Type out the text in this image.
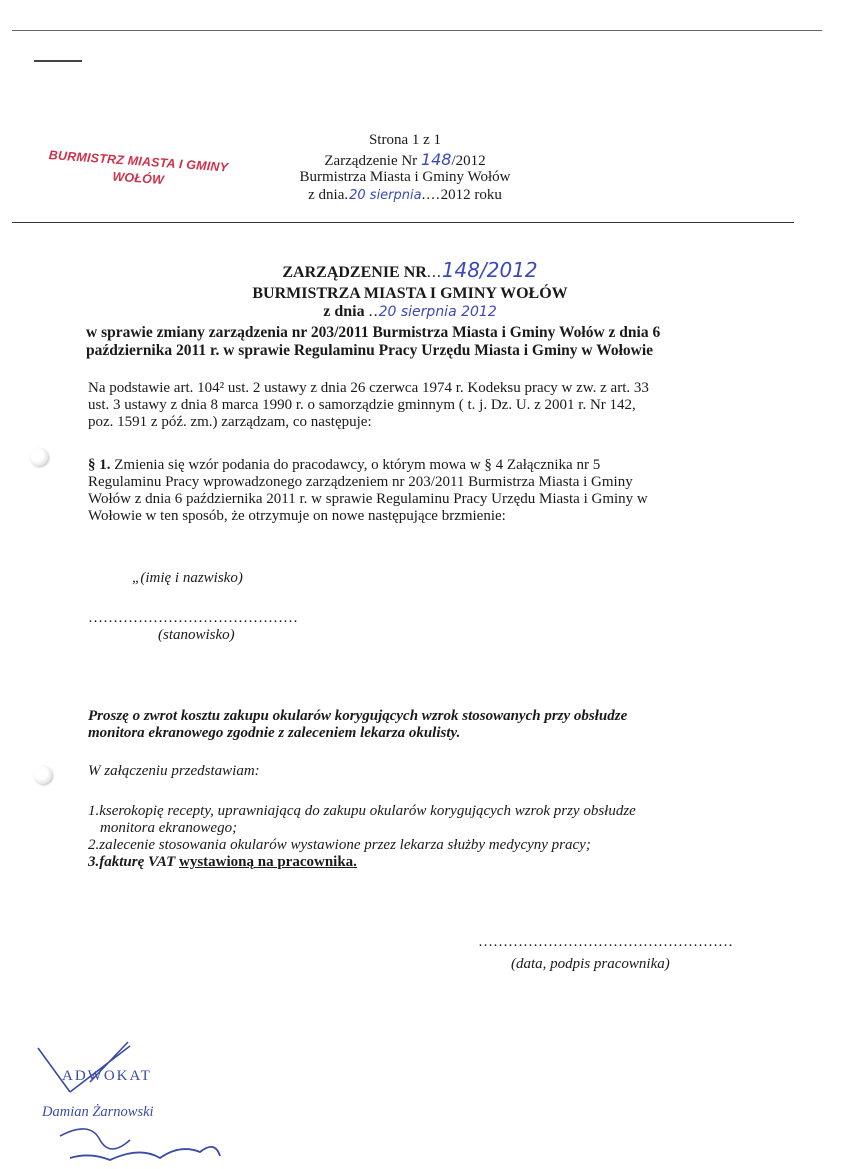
Strona 1 z 1
Zarządzenie Nr 148/2012
Burmistrza Miasta i Gminy Wołów
z dnia.20 sierpnia....2012 roku
BURMISTRZ MIASTA I GMINY
WOŁÓW
ZARZĄDZENIE NR...148/2012
BURMISTRZA MIASTA I GMINY WOŁÓW
z dnia ..20 sierpnia 2012
w sprawie zmiany zarządzenia nr 203/2011 Burmistrza Miasta i Gminy Wołów z dnia 6
października 2011 r. w sprawie Regulaminu Pracy Urzędu Miasta i Gminy w Wołowie
Na podstawie art. 104² ust. 2 ustawy z dnia 26 czerwca 1974 r. Kodeksu pracy w zw. z art. 33
ust. 3 ustawy z dnia 8 marca 1990 r. o samorządzie gminnym ( t. j. Dz. U. z 2001 r. Nr 142,
poz. 1591 z póź. zm.) zarządzam, co następuje:
§ 1. Zmienia się wzór podania do pracodawcy, o którym mowa w § 4 Załącznika nr 5
Regulaminu Pracy wprowadzonego zarządzeniem nr 203/2011 Burmistrza Miasta i Gminy
Wołów z dnia 6 października 2011 r. w sprawie Regulaminu Pracy Urzędu Miasta i Gminy w
Wołowie w ten sposób, że otrzymuje on nowe następujące brzmienie:
„(imię i nazwisko)
……………………………………
(stanowisko)
Proszę o zwrot kosztu zakupu okularów korygujących wzrok stosowanych przy obsłudze
monitora ekranowego zgodnie z zaleceniem lekarza okulisty.
W załączeniu przedstawiam:
1.kserokopię recepty, uprawniającą do zakupu okularów korygujących wzrok przy obsłudze
monitora ekranowego;
2.zalecenie stosowania okularów wystawione przez lekarza służby medycyny pracy;
3.fakturę VAT wystawioną na pracownika.
……………………………………………
(data, podpis pracownika)
ADWOKAT
Damian Żarnowski
